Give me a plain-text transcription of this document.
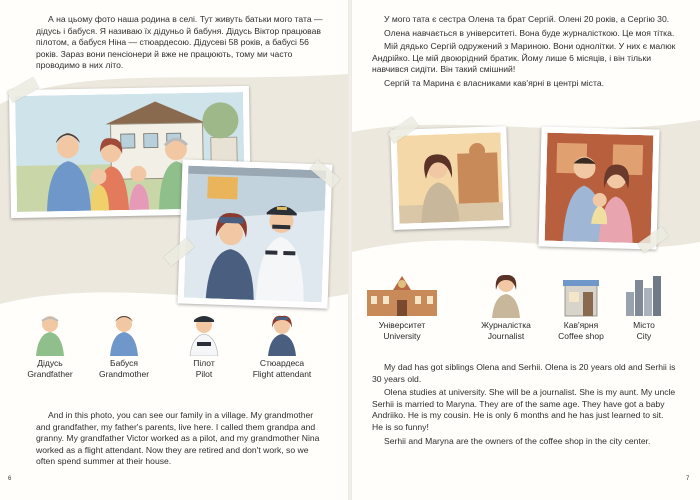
А на цьому фото наша родина в селі. Тут живуть батьки мого тата — дідусь і бабуся. Я називаю їх дідуньо й бабуня. Дідусь Віктор працював пілотом, а бабуся Ніна — стюардесою. Дідусеві 58 років, а бабусі 56 років. Зараз вони пенсіонери й вже не працюють, тому ми часто проводимо в них літо.

Дідусь
Grandfather
Бабуся
Grandmother
Пілот
Pilot
Стюардеса
Flight attendant

And in this photo, you can see our family in a village. My grandmother and grandfather, my father's parents, live here. I called them grandpa and granny. My grandfather Victor worked as a pilot, and my grandmother Nina worked as a flight attendant. Now they are retired and don't work, so we often spend summer at their house.

6

У мого тата є сестра Олена та брат Сергій. Олені 20 років, а Сергію 30.

Олена навчається в університеті. Вона буде журналісткою. Це моя тітка.

Мій дядько Сергій одружений з Мариною. Вони однолітки. У них є малюк Андрійко. Це мій двоюрідний братик. Йому лише 6 місяців, і він тільки навчився сидіти. Він такий смішний!

Сергій та Марина є власниками кав'ярні в центрі міста.

Університет
University
Журналістка
Journalist
Кав'ярня
Coffee shop
Місто
City

My dad has got siblings Olena and Serhii. Olena is 20 years old and Serhii is 30 years old.

Olena studies at university. She will be a journalist. She is my aunt. My uncle Serhii is married to Maryna. They are of the same age. They have got a baby Andriiko. He is my cousin. He is only 6 months and he has just learned to sit. He is so funny!

Serhii and Maryna are the owners of the coffee shop in the city center.

7
